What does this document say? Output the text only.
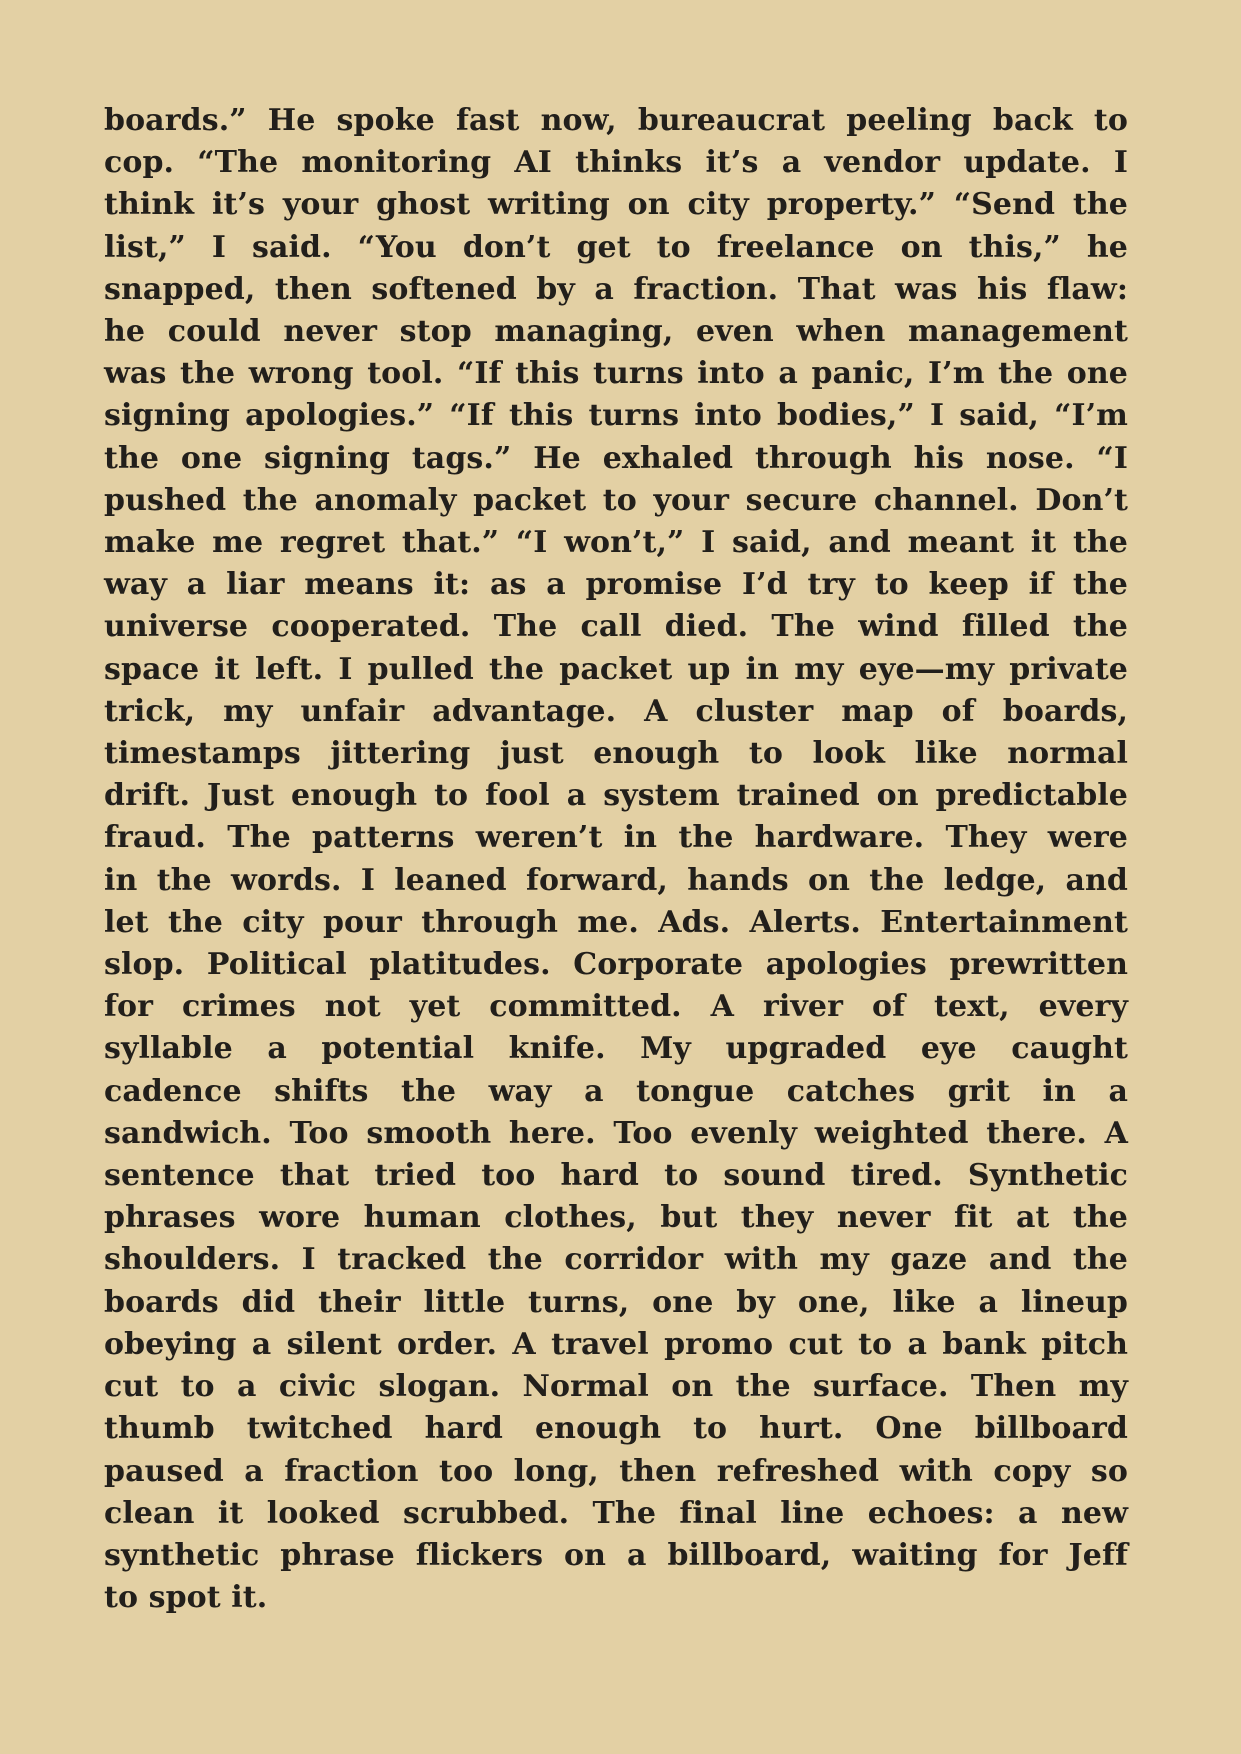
boards.” He spoke fast now, bureaucrat peeling back to
cop. “The monitoring AI thinks it’s a vendor update. I
think it’s your ghost writing on city property.” “Send the
list,” I said. “You don’t get to freelance on this,” he
snapped, then softened by a fraction. That was his flaw:
he could never stop managing, even when management
was the wrong tool. “If this turns into a panic, I’m the one
signing apologies.” “If this turns into bodies,” I said, “I’m
the one signing tags.” He exhaled through his nose. “I
pushed the anomaly packet to your secure channel. Don’t
make me regret that.” “I won’t,” I said, and meant it the
way a liar means it: as a promise I’d try to keep if the
universe cooperated. The call died. The wind filled the
space it left. I pulled the packet up in my eye—my private
trick, my unfair advantage. A cluster map of boards,
timestamps jittering just enough to look like normal
drift. Just enough to fool a system trained on predictable
fraud. The patterns weren’t in the hardware. They were
in the words. I leaned forward, hands on the ledge, and
let the city pour through me. Ads. Alerts. Entertainment
slop. Political platitudes. Corporate apologies prewritten
for crimes not yet committed. A river of text, every
syllable a potential knife. My upgraded eye caught
cadence shifts the way a tongue catches grit in a
sandwich. Too smooth here. Too evenly weighted there. A
sentence that tried too hard to sound tired. Synthetic
phrases wore human clothes, but they never fit at the
shoulders. I tracked the corridor with my gaze and the
boards did their little turns, one by one, like a lineup
obeying a silent order. A travel promo cut to a bank pitch
cut to a civic slogan. Normal on the surface. Then my
thumb twitched hard enough to hurt. One billboard
paused a fraction too long, then refreshed with copy so
clean it looked scrubbed. The final line echoes: a new
synthetic phrase flickers on a billboard, waiting for Jeff
to spot it.
